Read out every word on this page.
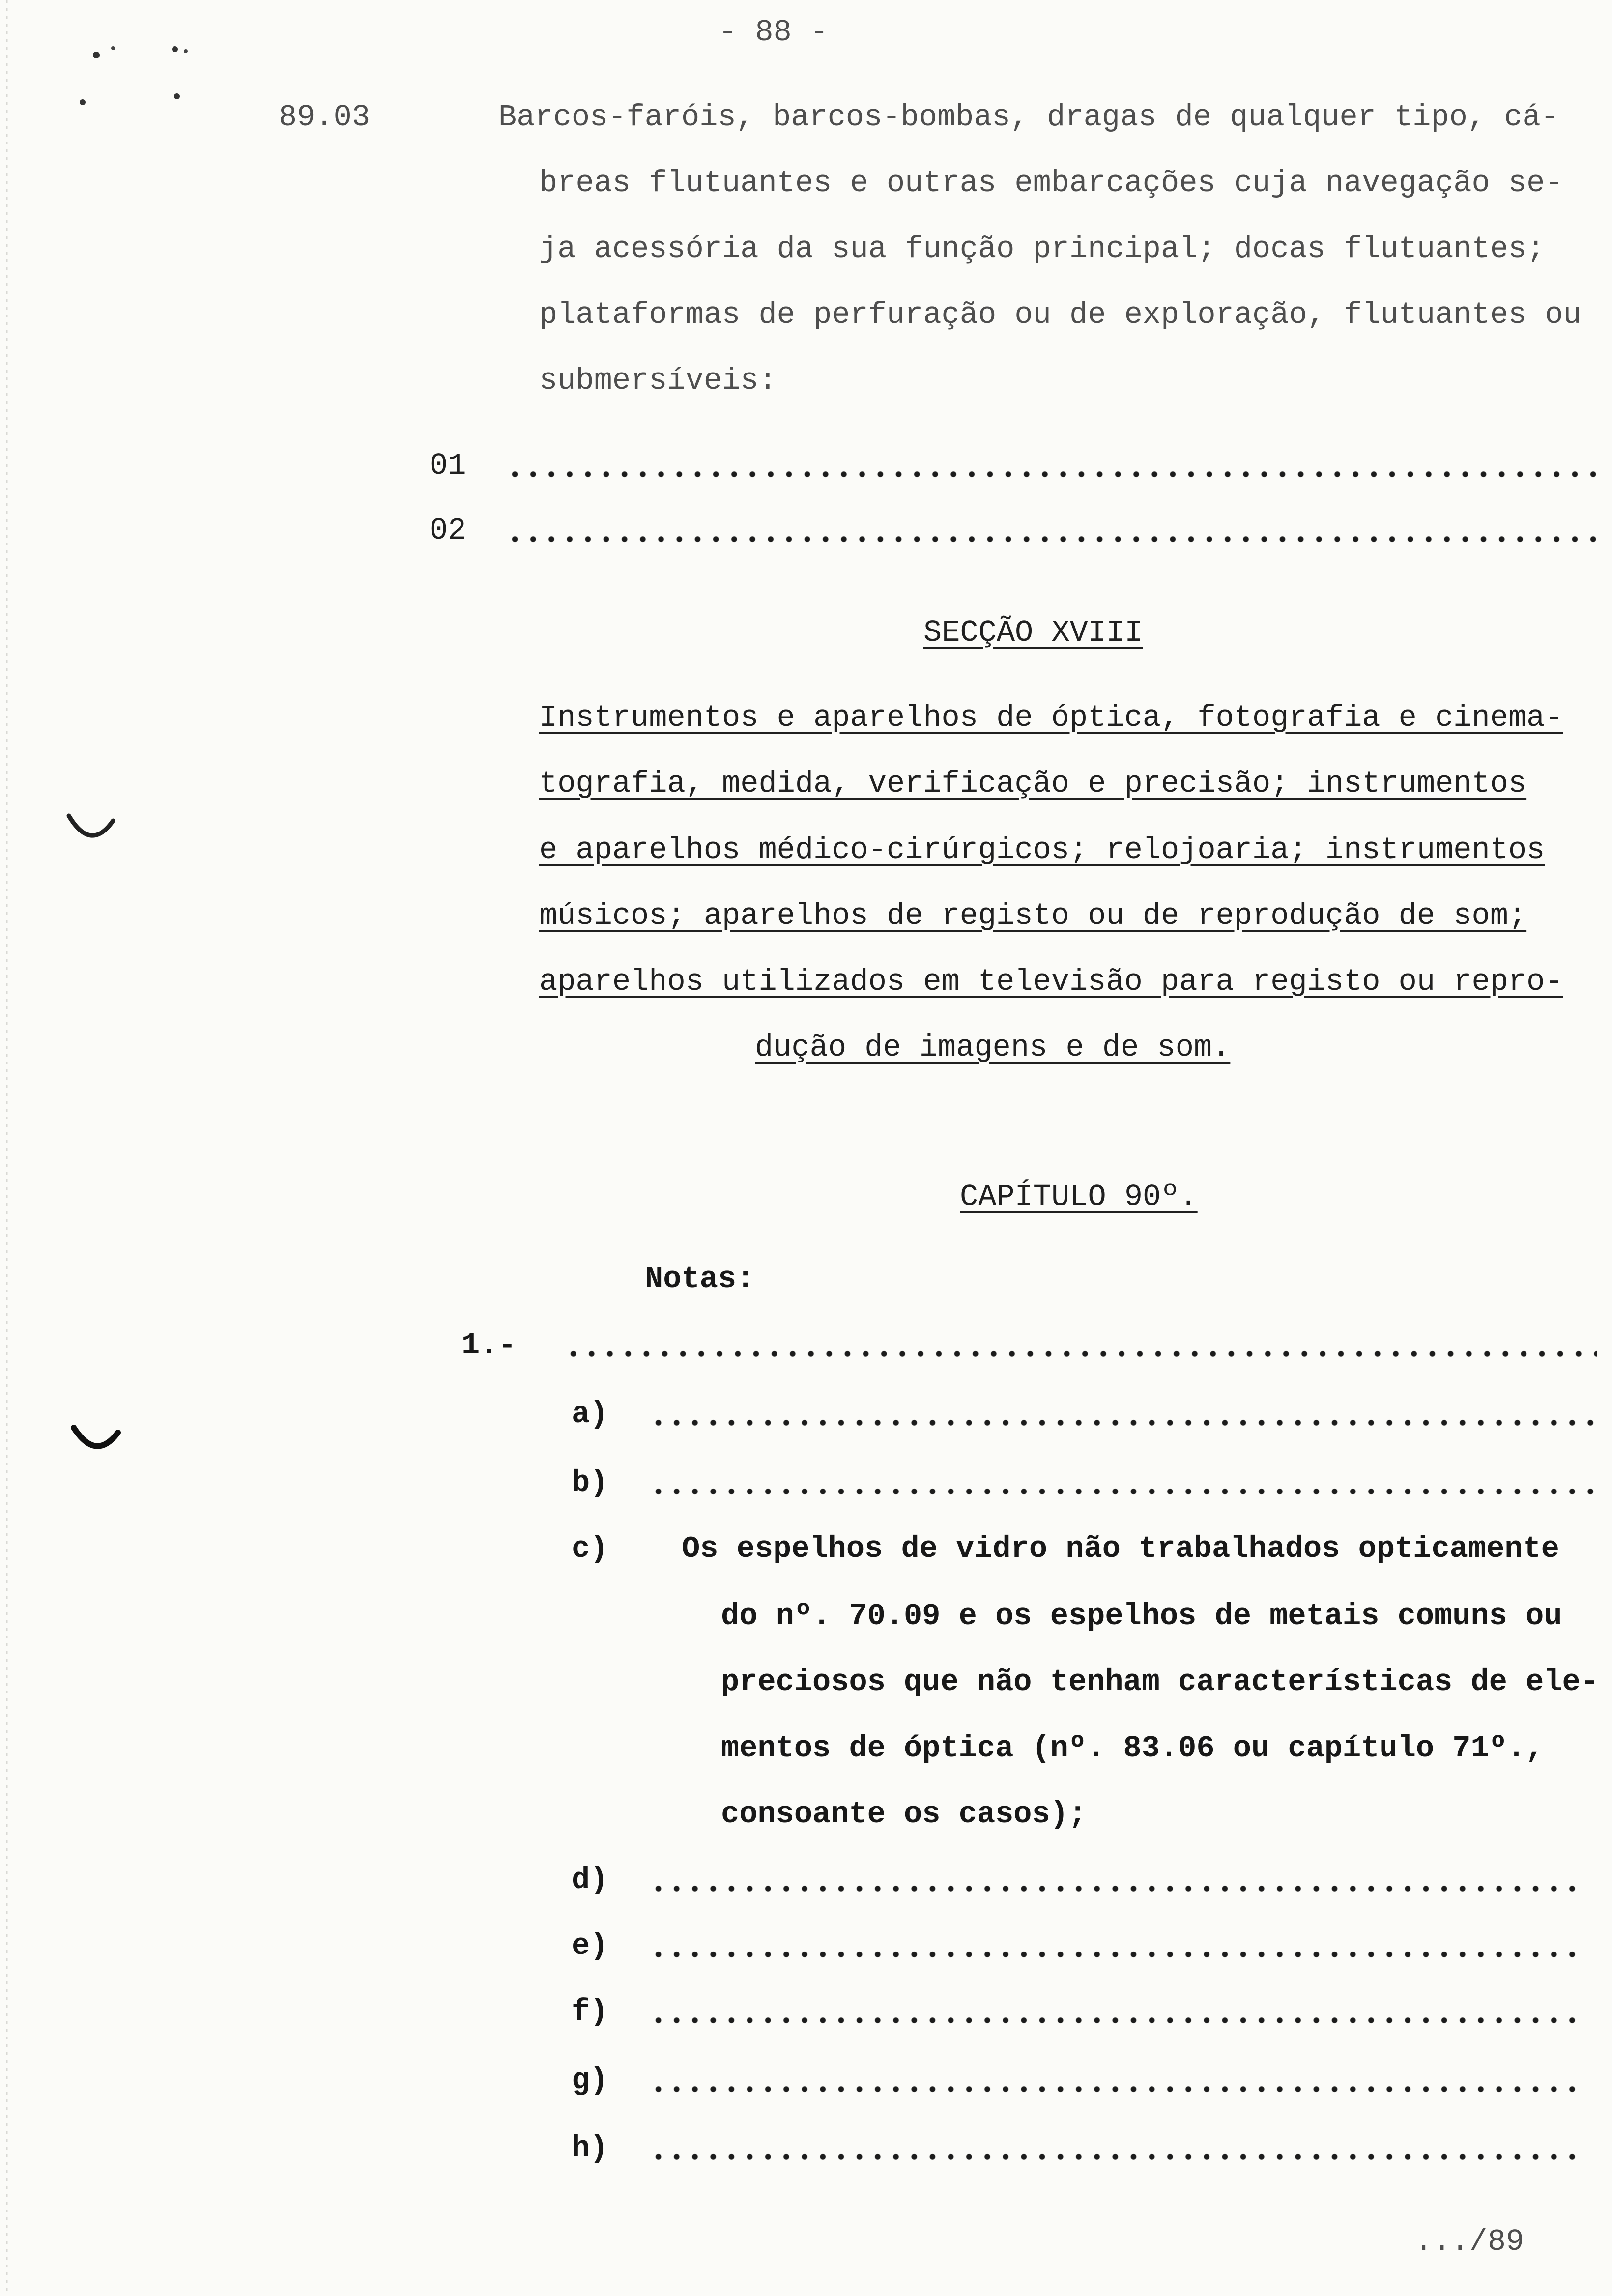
- 88 -
89.03	Barcos-faróis, barcos-bombas, dragas de qualquer tipo, cá-
breas flutuantes e outras embarcações cuja navegação se-
ja acessória da sua função principal; docas flutuantes;
plataformas de perfuração ou de exploração, flutuantes ou
submersíveis:
01
02
SECÇÃO XVIII
Instrumentos e aparelhos de óptica, fotografia e cinema-
tografia, medida, verificação e precisão; instrumentos
e aparelhos médico-cirúrgicos; relojoaria; instrumentos
músicos; aparelhos de registo ou de reprodução de som;
aparelhos utilizados em televisão para registo ou repro-
dução de imagens e de som.
CAPÍTULO 90º.
Notas:
1.-
a)
b)
c) Os espelhos de vidro não trabalhados opticamente
do nº. 70.09 e os espelhos de metais comuns ou
preciosos que não tenham características de ele-
mentos de óptica (nº. 83.06 ou capítulo 71º.,
consoante os casos);
d)
e)
f)
g)
h)
.../89
